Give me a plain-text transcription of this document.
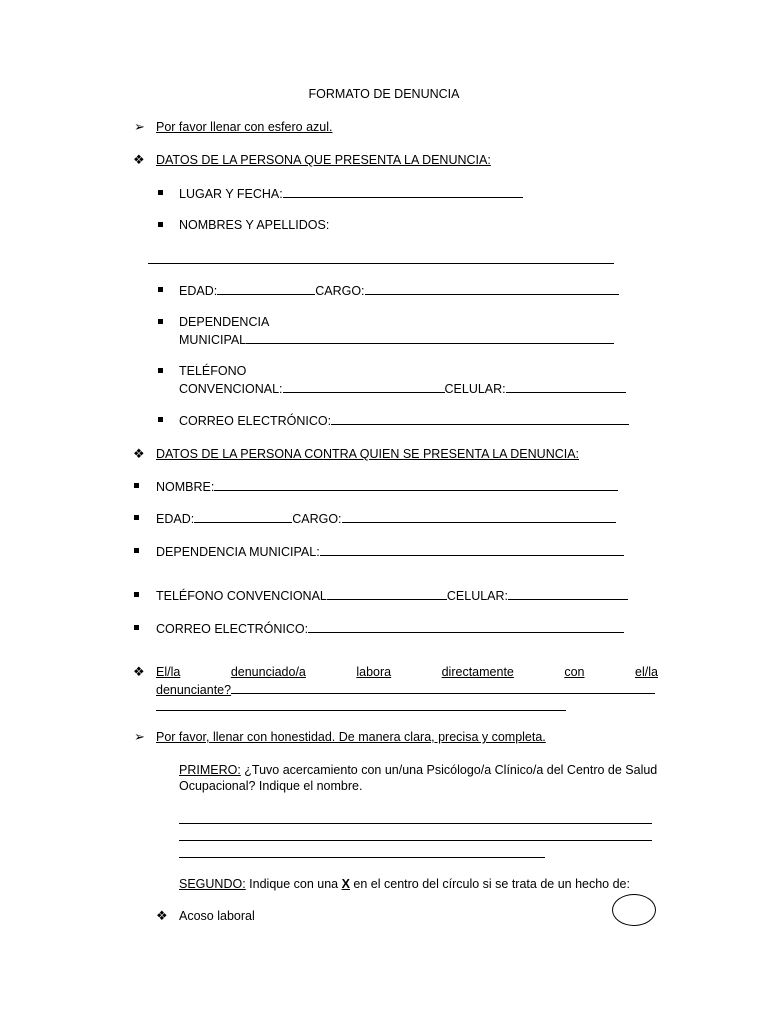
FORMATO DE DENUNCIA
➢ Por favor llenar con esfero azul.
❖ DATOS DE LA PERSONA QUE PRESENTA LA DENUNCIA:
LUGAR Y FECHA:
NOMBRES Y APELLIDOS:
EDAD:	CARGO:
DEPENDENCIA
MUNICIPAL
TELÉFONO
CONVENCIONAL:	CELULAR:
CORREO ELECTRÓNICO:
❖ DATOS DE LA PERSONA CONTRA QUIEN SE PRESENTA LA DENUNCIA:
NOMBRE:
EDAD:	CARGO:
DEPENDENCIA MUNICIPAL:
TELÉFONO CONVENCIONAL	CELULAR:
CORREO ELECTRÓNICO:
❖ El/la	denunciado/a	labora	directamente	con	el/la
denunciante?
➢ Por favor, llenar con honestidad. De manera clara, precisa y completa.
PRIMERO: ¿Tuvo acercamiento con un/una Psicólogo/a Clínico/a del Centro de Salud
Ocupacional? Indique el nombre.
SEGUNDO: Indique con una X en el centro del círculo si se trata de un hecho de:
❖ Acoso laboral
